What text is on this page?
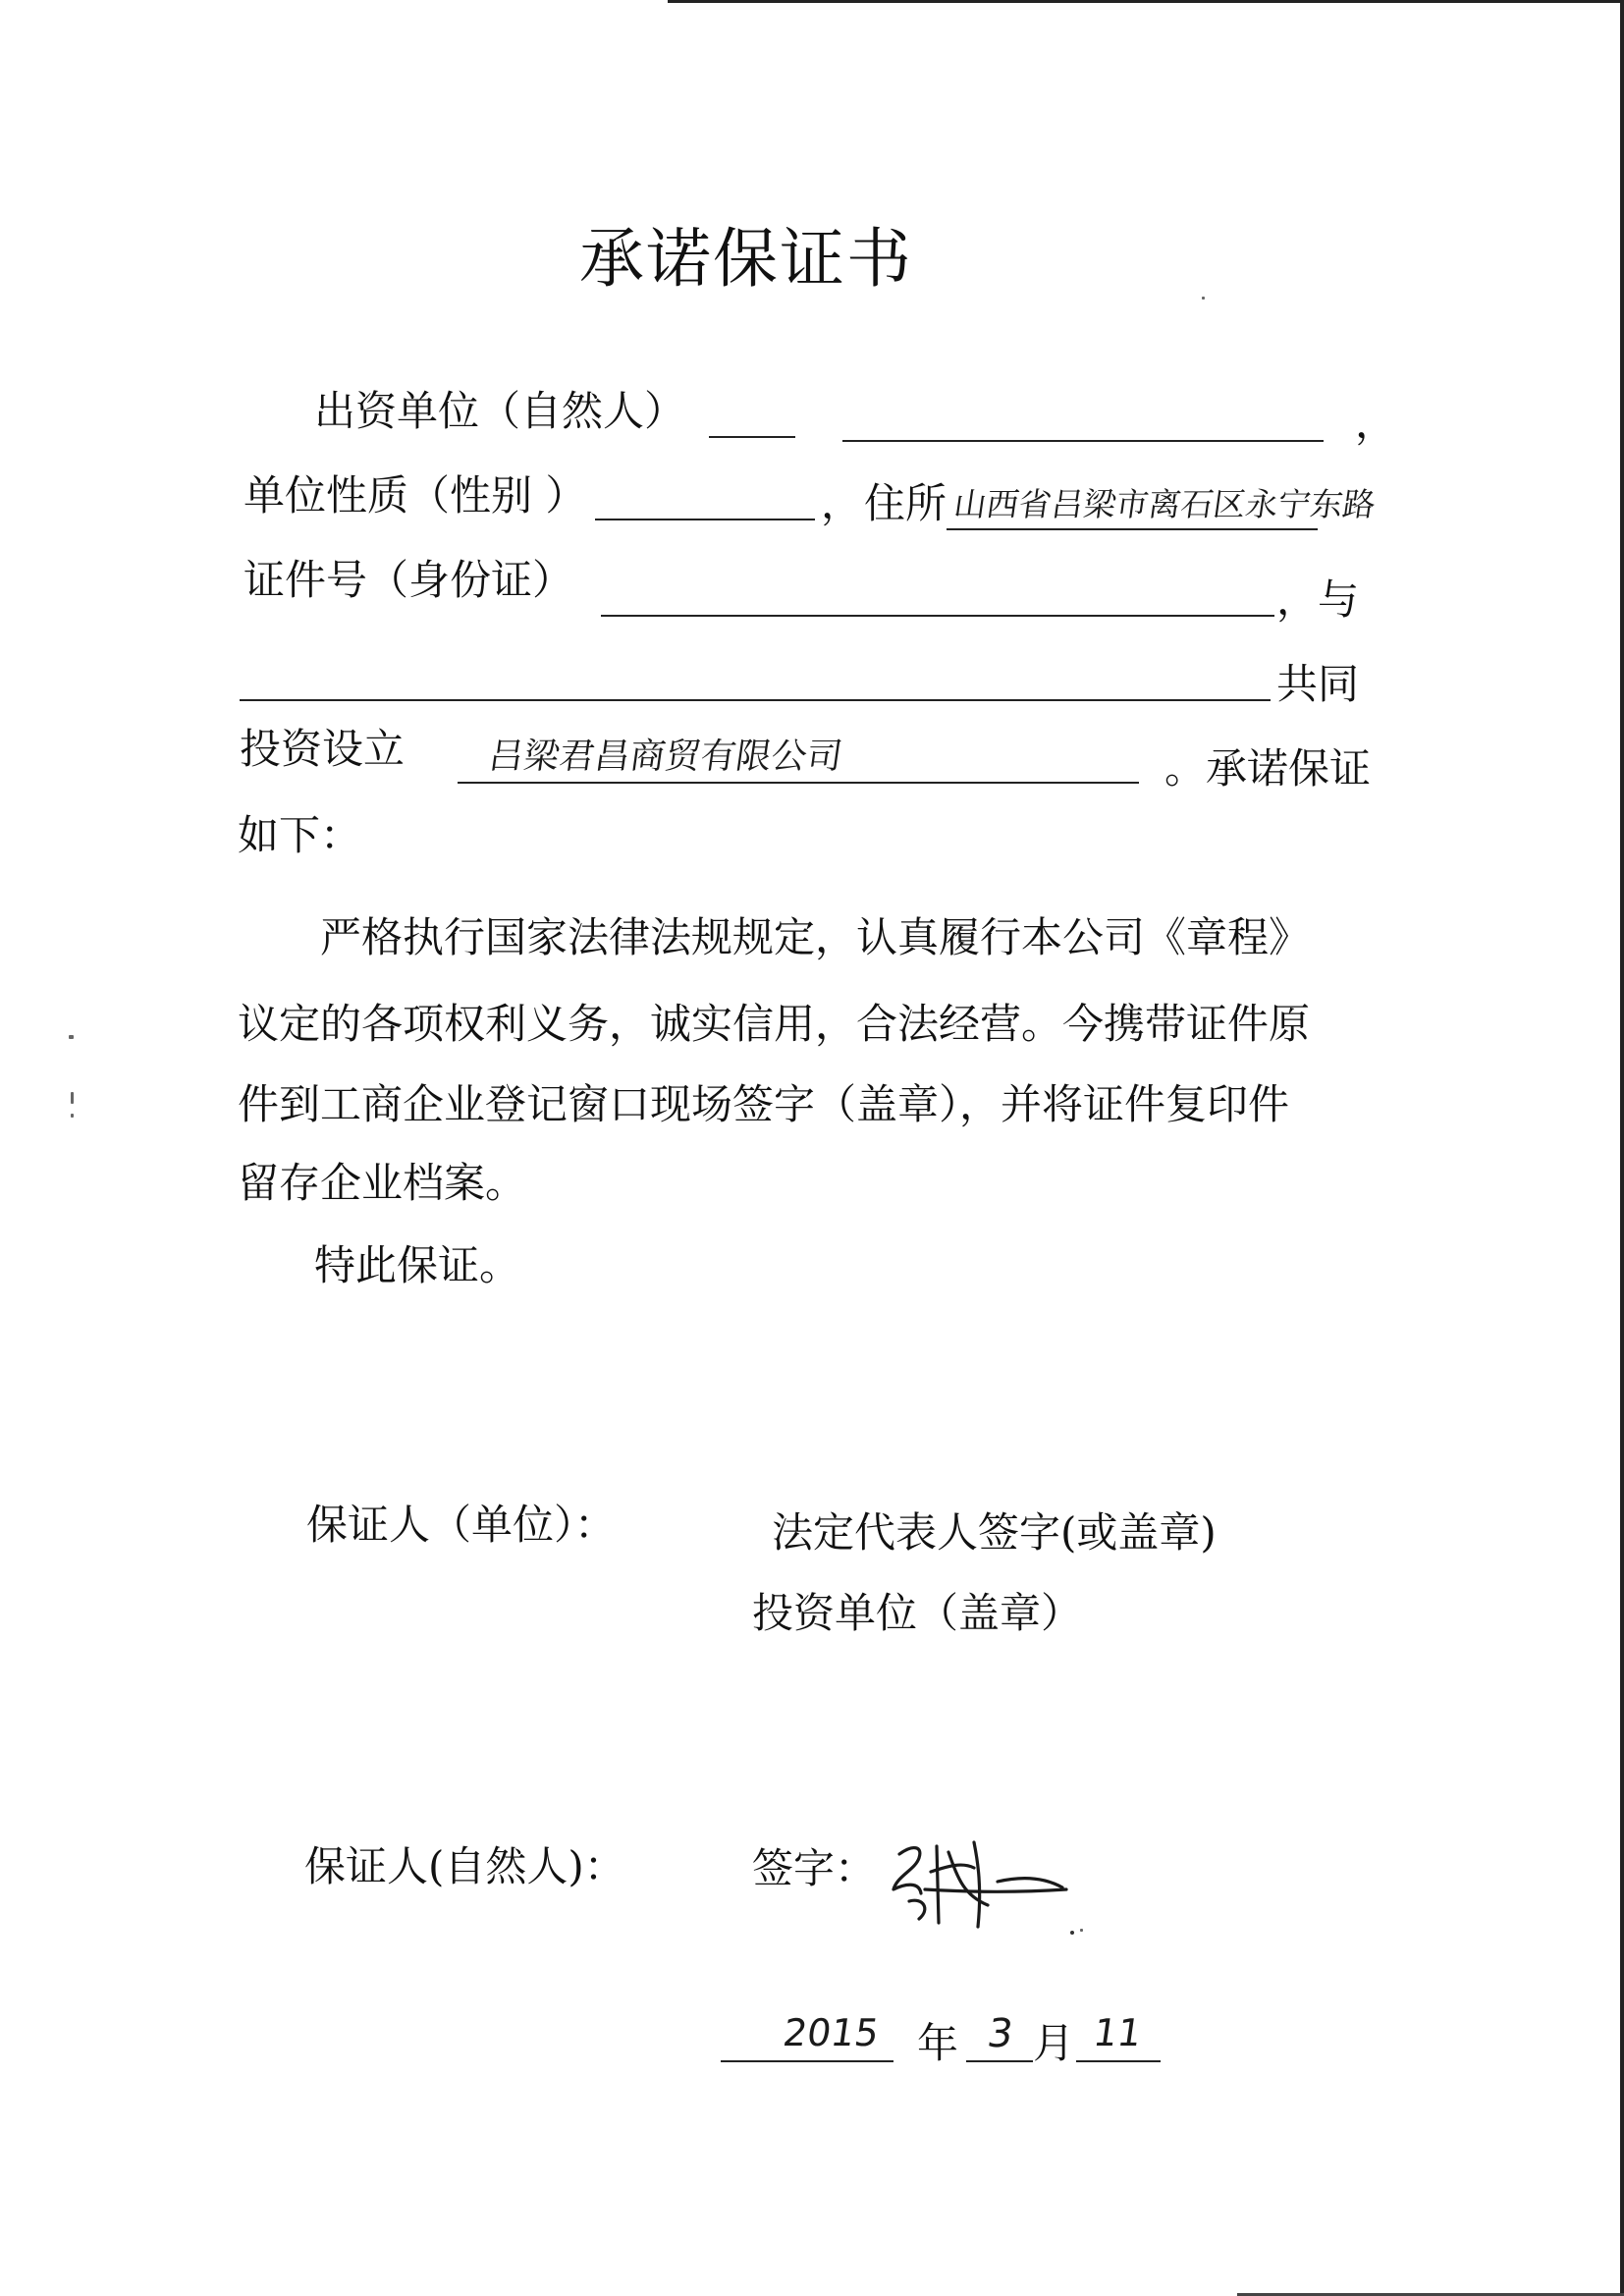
承诺保证书
出资单位（自然人）	，
单位性质（性别 ）	， 住所 山西省吕梁市离石区永宁东路
证件号（身份证）	，与
共同
投资设立 吕梁君昌商贸有限公司	。承诺保证
如下：
严格执行国家法律法规规定，认真履行本公司《章程》
议定的各项权利义务，诚实信用，合法经营。今携带证件原
件到工商企业登记窗口现场签字（盖章），并将证件复印件
留存企业档案。
特此保证。
保证人（单位）：	法定代表人签字(或盖章)
投资单位（盖章）
保证人(自然人)：	签字：
2015 年 3 月 11
